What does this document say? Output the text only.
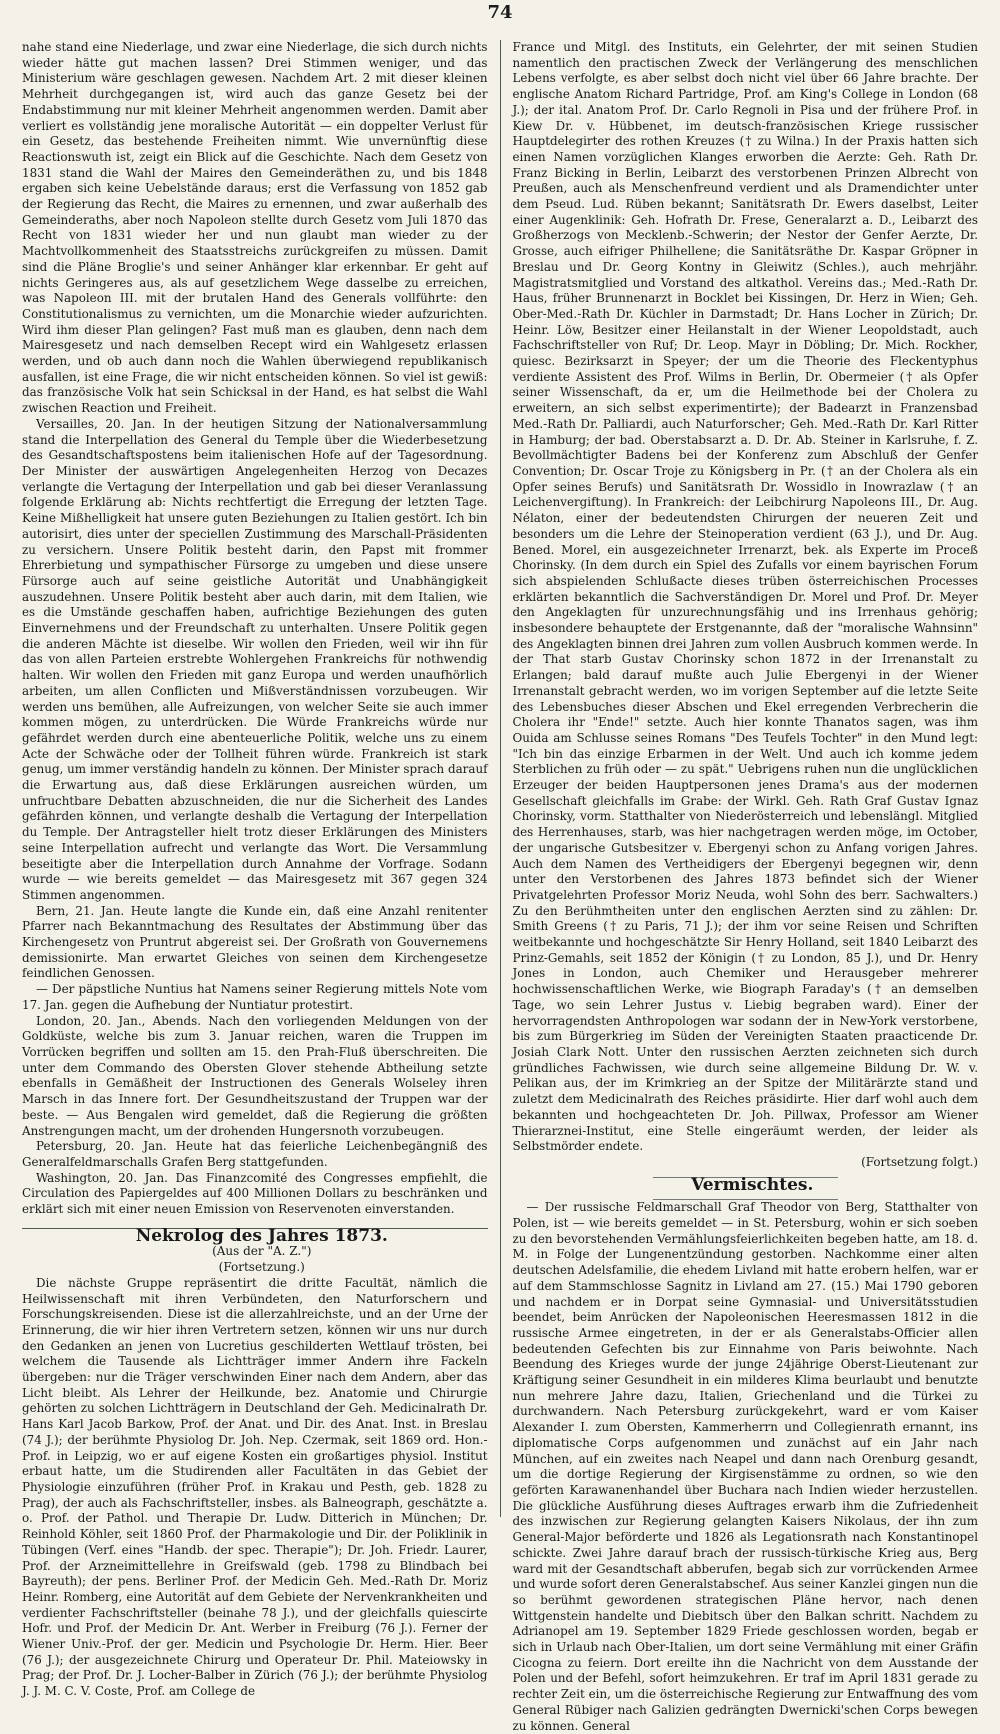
74

nahe stand eine Niederlage, und zwar eine Niederlage, die sich durch nichts wieder hätte gut machen lassen? Drei Stimmen weniger, und das Ministerium wäre geschlagen gewesen. Nachdem Art. 2 mit dieser kleinen Mehrheit durchgegangen ist, wird auch das ganze Gesetz bei der Endabstimmung nur mit kleiner Mehrheit angenommen werden. Damit aber verliert es vollständig jene moralische Autorität — ein doppelter Verlust für ein Gesetz, das bestehende Freiheiten nimmt. Wie unvernünftig diese Reactionswuth ist, zeigt ein Blick auf die Geschichte. Nach dem Gesetz von 1831 stand die Wahl der Maires den Gemeinderäthen zu, und bis 1848 ergaben sich keine Uebelstände daraus; erst die Verfassung von 1852 gab der Regierung das Recht, die Maires zu ernennen, und zwar außerhalb des Gemeinderaths, aber noch Napoleon stellte durch Gesetz vom Juli 1870 das Recht von 1831 wieder her und nun glaubt man wieder zu der Machtvollkommenheit des Staatsstreichs zurückgreifen zu müssen. Damit sind die Pläne Broglie's und seiner Anhänger klar erkennbar. Er geht auf nichts Geringeres aus, als auf gesetzlichem Wege dasselbe zu erreichen, was Napoleon III. mit der brutalen Hand des Generals vollführte: den Constitutionalismus zu vernichten, um die Monarchie wieder aufzurichten. Wird ihm dieser Plan gelingen? Fast muß man es glauben, denn nach dem Mairesgesetz und nach demselben Recept wird ein Wahlgesetz erlassen werden, und ob auch dann noch die Wahlen überwiegend republikanisch ausfallen, ist eine Frage, die wir nicht entscheiden können. So viel ist gewiß: das französische Volk hat sein Schicksal in der Hand, es hat selbst die Wahl zwischen Reaction und Freiheit.

Versailles, 20. Jan. In der heutigen Sitzung der Nationalversammlung stand die Interpellation des General du Temple über die Wiederbesetzung des Gesandtschaftspostens beim italienischen Hofe auf der Tagesordnung. Der Minister der auswärtigen Angelegenheiten Herzog von Decazes verlangte die Vertagung der Interpellation und gab bei dieser Veranlassung folgende Erklärung ab: Nichts rechtfertigt die Erregung der letzten Tage. Keine Mißhelligkeit hat unsere guten Beziehungen zu Italien gestört. Ich bin autorisirt, dies unter der speciellen Zustimmung des Marschall-Präsidenten zu versichern. Unsere Politik besteht darin, den Papst mit frommer Ehrerbietung und sympathischer Fürsorge zu umgeben und diese unsere Fürsorge auch auf seine geistliche Autorität und Unabhängigkeit auszudehnen. Unsere Politik besteht aber auch darin, mit dem Italien, wie es die Umstände geschaffen haben, aufrichtige Beziehungen des guten Einvernehmens und der Freundschaft zu unterhalten. Unsere Politik gegen die anderen Mächte ist dieselbe. Wir wollen den Frieden, weil wir ihn für das von allen Parteien erstrebte Wohlergehen Frankreichs für nothwendig halten. Wir wollen den Frieden mit ganz Europa und werden unaufhörlich arbeiten, um allen Conflicten und Mißverständnissen vorzubeugen. Wir werden uns bemühen, alle Aufreizungen, von welcher Seite sie auch immer kommen mögen, zu unterdrücken. Die Würde Frankreichs würde nur gefährdet werden durch eine abenteuerliche Politik, welche uns zu einem Acte der Schwäche oder der Tollheit führen würde. Frankreich ist stark genug, um immer verständig handeln zu können. Der Minister sprach darauf die Erwartung aus, daß diese Erklärungen ausreichen würden, um unfruchtbare Debatten abzuschneiden, die nur die Sicherheit des Landes gefährden können, und verlangte deshalb die Vertagung der Interpellation du Temple. Der Antragsteller hielt trotz dieser Erklärungen des Ministers seine Interpellation aufrecht und verlangte das Wort. Die Versammlung beseitigte aber die Interpellation durch Annahme der Vorfrage. Sodann wurde — wie bereits gemeldet — das Mairesgesetz mit 367 gegen 324 Stimmen angenommen.

Bern, 21. Jan. Heute langte die Kunde ein, daß eine Anzahl renitenter Pfarrer nach Bekanntmachung des Resultates der Abstimmung über das Kirchengesetz von Pruntrut abgereist sei. Der Großrath von Gouvernemens demissionirte. Man erwartet Gleiches von seinen dem Kirchengesetze feindlichen Genossen.

— Der päpstliche Nuntius hat Namens seiner Regierung mittels Note vom 17. Jan. gegen die Aufhebung der Nuntiatur protestirt.

London, 20. Jan., Abends. Nach den vorliegenden Meldungen von der Goldküste, welche bis zum 3. Januar reichen, waren die Truppen im Vorrücken begriffen und sollten am 15. den Prah-Fluß überschreiten. Die unter dem Commando des Obersten Glover stehende Abtheilung setzte ebenfalls in Gemäßheit der Instructionen des Generals Wolseley ihren Marsch in das Innere fort. Der Gesundheitszustand der Truppen war der beste. — Aus Bengalen wird gemeldet, daß die Regierung die größten Anstrengungen macht, um der drohenden Hungersnoth vorzubeugen.

Petersburg, 20. Jan. Heute hat das feierliche Leichenbegängniß des Generalfeldmarschalls Grafen Berg stattgefunden.

Washington, 20. Jan. Das Finanzcomité des Congresses empfiehlt, die Circulation des Papiergeldes auf 400 Millionen Dollars zu beschränken und erklärt sich mit einer neuen Emission von Reservenoten einverstanden.

Nekrolog des Jahres 1873.

(Aus der "A. Z.")

(Fortsetzung.)

Die nächste Gruppe repräsentirt die dritte Facultät, nämlich die Heilwissenschaft mit ihren Verbündeten, den Naturforschern und Forschungskreisenden. Diese ist die allerzahlreichste, und an der Urne der Erinnerung, die wir hier ihren Vertretern setzen, können wir uns nur durch den Gedanken an jenen von Lucretius geschilderten Wettlauf trösten, bei welchem die Tausende als Lichtträger immer Andern ihre Fackeln übergeben: nur die Träger verschwinden Einer nach dem Andern, aber das Licht bleibt. Als Lehrer der Heilkunde, bez. Anatomie und Chirurgie gehörten zu solchen Lichtträgern in Deutschland der Geh. Medicinalrath Dr. Hans Karl Jacob Barkow, Prof. der Anat. und Dir. des Anat. Inst. in Breslau (74 J.); der berühmte Physiolog Dr. Joh. Nep. Czermak, seit 1869 ord. Hon.-Prof. in Leipzig, wo er auf eigene Kosten ein großartiges physiol. Institut erbaut hatte, um die Studirenden aller Facultäten in das Gebiet der Physiologie einzuführen (früher Prof. in Krakau und Pesth, geb. 1828 zu Prag), der auch als Fachschriftsteller, insbes. als Balneograph, geschätzte a. o. Prof. der Pathol. und Therapie Dr. Ludw. Ditterich in München; Dr. Reinhold Köhler, seit 1860 Prof. der Pharmakologie und Dir. der Poliklinik in Tübingen (Verf. eines "Handb. der spec. Therapie"); Dr. Joh. Friedr. Laurer, Prof. der Arzneimittellehre in Greifswald (geb. 1798 zu Blindbach bei Bayreuth); der pens. Berliner Prof. der Medicin Geh. Med.-Rath Dr. Moriz Heinr. Romberg, eine Autorität auf dem Gebiete der Nervenkrankheiten und verdienter Fachschriftsteller (beinahe 78 J.), und der gleichfalls quiescirte Hofr. und Prof. der Medicin Dr. Ant. Werber in Freiburg (76 J.). Ferner der Wiener Univ.-Prof. der ger. Medicin und Psychologie Dr. Herm. Hier. Beer (76 J.); der ausgezeichnete Chirurg und Operateur Dr. Phil. Mateiowsky in Prag; der Prof. Dr. J. Locher-Balber in Zürich (76 J.); der berühmte Physiolog J. J. M. C. V. Coste, Prof. am College de

France und Mitgl. des Instituts, ein Gelehrter, der mit seinen Studien namentlich den practischen Zweck der Verlängerung des menschlichen Lebens verfolgte, es aber selbst doch nicht viel über 66 Jahre brachte. Der englische Anatom Richard Partridge, Prof. am King's College in London (68 J.); der ital. Anatom Prof. Dr. Carlo Regnoli in Pisa und der frühere Prof. in Kiew Dr. v. Hübbenet, im deutsch-französischen Kriege russischer Hauptdelegirter des rothen Kreuzes († zu Wilna.) In der Praxis hatten sich einen Namen vorzüglichen Klanges erworben die Aerzte: Geh. Rath Dr. Franz Bicking in Berlin, Leibarzt des verstorbenen Prinzen Albrecht von Preußen, auch als Menschenfreund verdient und als Dramendichter unter dem Pseud. Lud. Rüben bekannt; Sanitätsrath Dr. Ewers daselbst, Leiter einer Augenklinik: Geh. Hofrath Dr. Frese, Generalarzt a. D., Leibarzt des Großherzogs von Mecklenb.-Schwerin; der Nestor der Genfer Aerzte, Dr. Grosse, auch eifriger Philhellene; die Sanitätsräthe Dr. Kaspar Gröpner in Breslau und Dr. Georg Kontny in Gleiwitz (Schles.), auch mehrjähr. Magistratsmitglied und Vorstand des altkathol. Vereins das.; Med.-Rath Dr. Haus, früher Brunnenarzt in Bocklet bei Kissingen, Dr. Herz in Wien; Geh. Ober-Med.-Rath Dr. Küchler in Darmstadt; Dr. Hans Locher in Zürich; Dr. Heinr. Löw, Besitzer einer Heilanstalt in der Wiener Leopoldstadt, auch Fachschriftsteller von Ruf; Dr. Leop. Mayr in Döbling; Dr. Mich. Rockher, quiesc. Bezirksarzt in Speyer; der um die Theorie des Fleckentyphus verdiente Assistent des Prof. Wilms in Berlin, Dr. Obermeier († als Opfer seiner Wissenschaft, da er, um die Heilmethode bei der Cholera zu erweitern, an sich selbst experimentirte); der Badearzt in Franzensbad Med.-Rath Dr. Palliardi, auch Naturforscher; Geh. Med.-Rath Dr. Karl Ritter in Hamburg; der bad. Oberstabsarzt a. D. Dr. Ab. Steiner in Karlsruhe, f. Z. Bevollmächtigter Badens bei der Konferenz zum Abschluß der Genfer Convention; Dr. Oscar Troje zu Königsberg in Pr. († an der Cholera als ein Opfer seines Berufs) und Sanitätsrath Dr. Wossidlo in Inowrazlaw († an Leichenvergiftung). In Frankreich: der Leibchirurg Napoleons III., Dr. Aug. Nélaton, einer der bedeutendsten Chirurgen der neueren Zeit und besonders um die Lehre der Steinoperation verdient (63 J.), und Dr. Aug. Bened. Morel, ein ausgezeichneter Irrenarzt, bek. als Experte im Proceß Chorinsky. (In dem durch ein Spiel des Zufalls vor einem bayrischen Forum sich abspielenden Schlußacte dieses trüben österreichischen Processes erklärten bekanntlich die Sachverständigen Dr. Morel und Prof. Dr. Meyer den Angeklagten für unzurechnungsfähig und ins Irrenhaus gehörig; insbesondere behauptete der Erstgenannte, daß der "moralische Wahnsinn" des Angeklagten binnen drei Jahren zum vollen Ausbruch kommen werde. In der That starb Gustav Chorinsky schon 1872 in der Irrenanstalt zu Erlangen; bald darauf mußte auch Julie Ebergenyi in der Wiener Irrenanstalt gebracht werden, wo im vorigen September auf die letzte Seite des Lebensbuches dieser Abschen und Ekel erregenden Verbrecherin die Cholera ihr "Ende!" setzte. Auch hier konnte Thanatos sagen, was ihm Ouida am Schlusse seines Romans "Des Teufels Tochter" in den Mund legt: "Ich bin das einzige Erbarmen in der Welt. Und auch ich komme jedem Sterblichen zu früh oder — zu spät." Uebrigens ruhen nun die unglücklichen Erzeuger der beiden Hauptpersonen jenes Drama's aus der modernen Gesellschaft gleichfalls im Grabe: der Wirkl. Geh. Rath Graf Gustav Ignaz Chorinsky, vorm. Statthalter von Niederösterreich und lebenslängl. Mitglied des Herrenhauses, starb, was hier nachgetragen werden möge, im October, der ungarische Gutsbesitzer v. Ebergenyi schon zu Anfang vorigen Jahres. Auch dem Namen des Vertheidigers der Ebergenyi begegnen wir, denn unter den Verstorbenen des Jahres 1873 befindet sich der Wiener Privatgelehrten Professor Moriz Neuda, wohl Sohn des berr. Sachwalters.) Zu den Berühmtheiten unter den englischen Aerzten sind zu zählen: Dr. Smith Greens († zu Paris, 71 J.); der ihm vor seine Reisen und Schriften weitbekannte und hochgeschätzte Sir Henry Holland, seit 1840 Leibarzt des Prinz-Gemahls, seit 1852 der Königin († zu London, 85 J.), und Dr. Henry Jones in London, auch Chemiker und Herausgeber mehrerer hochwissenschaftlichen Werke, wie Biograph Faraday's († an demselben Tage, wo sein Lehrer Justus v. Liebig begraben ward). Einer der hervorragendsten Anthropologen war sodann der in New-York verstorbene, bis zum Bürgerkrieg im Süden der Vereinigten Staaten praacticende Dr. Josiah Clark Nott. Unter den russischen Aerzten zeichneten sich durch gründliches Fachwissen, wie durch seine allgemeine Bildung Dr. W. v. Pelikan aus, der im Krimkrieg an der Spitze der Militärärzte stand und zuletzt dem Medicinalrath des Reiches präsidirte. Hier darf wohl auch dem bekannten und hochgeachteten Dr. Joh. Pillwax, Professor am Wiener Thierarznei-Institut, eine Stelle eingeräumt werden, der leider als Selbstmörder endete.

(Fortsetzung folgt.)

Vermischtes.

— Der russische Feldmarschall Graf Theodor von Berg, Statthalter von Polen, ist — wie bereits gemeldet — in St. Petersburg, wohin er sich soeben zu den bevorstehenden Vermählungsfeierlichkeiten begeben hatte, am 18. d. M. in Folge der Lungenentzündung gestorben. Nachkomme einer alten deutschen Adelsfamilie, die ehedem Livland mit hatte erobern helfen, war er auf dem Stammschlosse Sagnitz in Livland am 27. (15.) Mai 1790 geboren und nachdem er in Dorpat seine Gymnasial- und Universitätsstudien beendet, beim Anrücken der Napoleonischen Heeresmassen 1812 in die russische Armee eingetreten, in der er als Generalstabs-Officier allen bedeutenden Gefechten bis zur Einnahme von Paris beiwohnte. Nach Beendung des Krieges wurde der junge 24jährige Oberst-Lieutenant zur Kräftigung seiner Gesundheit in ein milderes Klima beurlaubt und benutzte nun mehrere Jahre dazu, Italien, Griechenland und die Türkei zu durchwandern. Nach Petersburg zurückgekehrt, ward er vom Kaiser Alexander I. zum Obersten, Kammerherrn und Collegienrath ernannt, ins diplomatische Corps aufgenommen und zunächst auf ein Jahr nach München, auf ein zweites nach Neapel und dann nach Orenburg gesandt, um die dortige Regierung der Kirgisenstämme zu ordnen, so wie den geförten Karawanenhandel über Buchara nach Indien wieder herzustellen. Die glückliche Ausführung dieses Auftrages erwarb ihm die Zufriedenheit des inzwischen zur Regierung gelangten Kaisers Nikolaus, der ihn zum General-Major beförderte und 1826 als Legationsrath nach Konstantinopel schickte. Zwei Jahre darauf brach der russisch-türkische Krieg aus, Berg ward mit der Gesandtschaft abberufen, begab sich zur vorrückenden Armee und wurde sofort deren Generalstabschef. Aus seiner Kanzlei gingen nun die so berühmt gewordenen strategischen Pläne hervor, nach denen Wittgenstein handelte und Diebitsch über den Balkan schritt. Nachdem zu Adrianopel am 19. September 1829 Friede geschlossen worden, begab er sich in Urlaub nach Ober-Italien, um dort seine Vermählung mit einer Gräfin Cicogna zu feiern. Dort ereilte ihn die Nachricht von dem Ausstande der Polen und der Befehl, sofort heimzukehren. Er traf im April 1831 gerade zu rechter Zeit ein, um die österreichische Regierung zur Entwaffnung des vom General Rübiger nach Galizien gedrängten Dwernicki'schen Corps bewegen zu können. General
